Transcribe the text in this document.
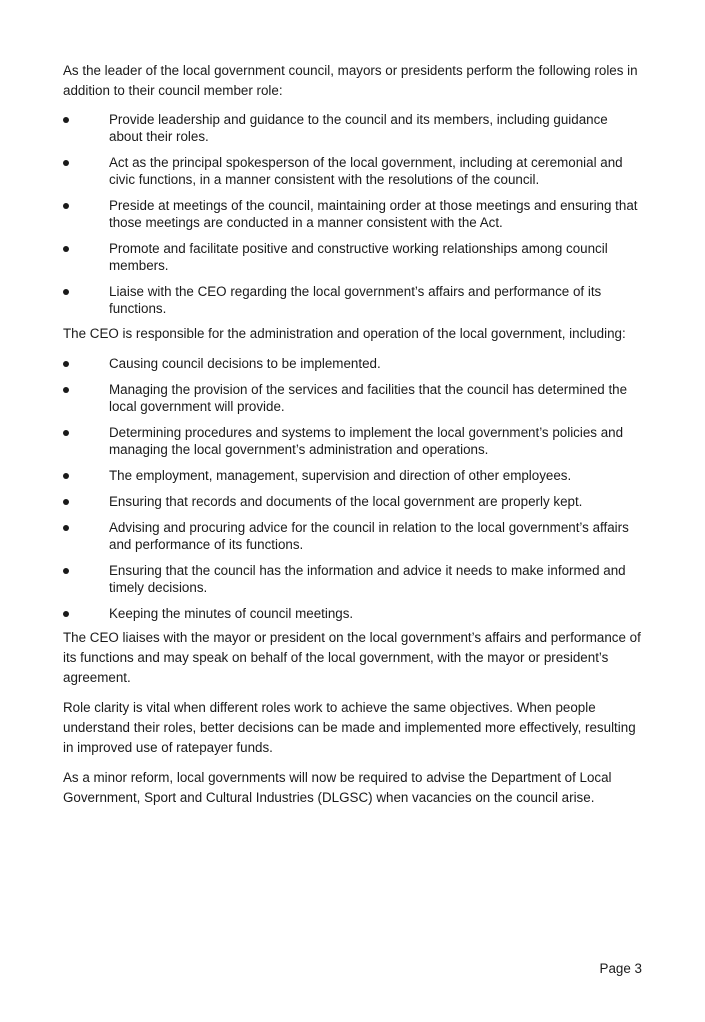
As the leader of the local government council, mayors or presidents perform the following roles in addition to their council member role:

Provide leadership and guidance to the council and its members, including guidance about their roles.
Act as the principal spokesperson of the local government, including at ceremonial and civic functions, in a manner consistent with the resolutions of the council.
Preside at meetings of the council, maintaining order at those meetings and ensuring that those meetings are conducted in a manner consistent with the Act.
Promote and facilitate positive and constructive working relationships among council members.
Liaise with the CEO regarding the local government’s affairs and performance of its functions.

The CEO is responsible for the administration and operation of the local government, including:

Causing council decisions to be implemented.
Managing the provision of the services and facilities that the council has determined the local government will provide.
Determining procedures and systems to implement the local government’s policies and managing the local government’s administration and operations.
The employment, management, supervision and direction of other employees.
Ensuring that records and documents of the local government are properly kept.
Advising and procuring advice for the council in relation to the local government’s affairs and performance of its functions.
Ensuring that the council has the information and advice it needs to make informed and timely decisions.
Keeping the minutes of council meetings.

The CEO liaises with the mayor or president on the local government’s affairs and performance of its functions and may speak on behalf of the local government, with the mayor or president’s agreement.

Role clarity is vital when different roles work to achieve the same objectives. When people understand their roles, better decisions can be made and implemented more effectively, resulting in improved use of ratepayer funds.

As a minor reform, local governments will now be required to advise the Department of Local Government, Sport and Cultural Industries (DLGSC) when vacancies on the council arise.

Page 3
